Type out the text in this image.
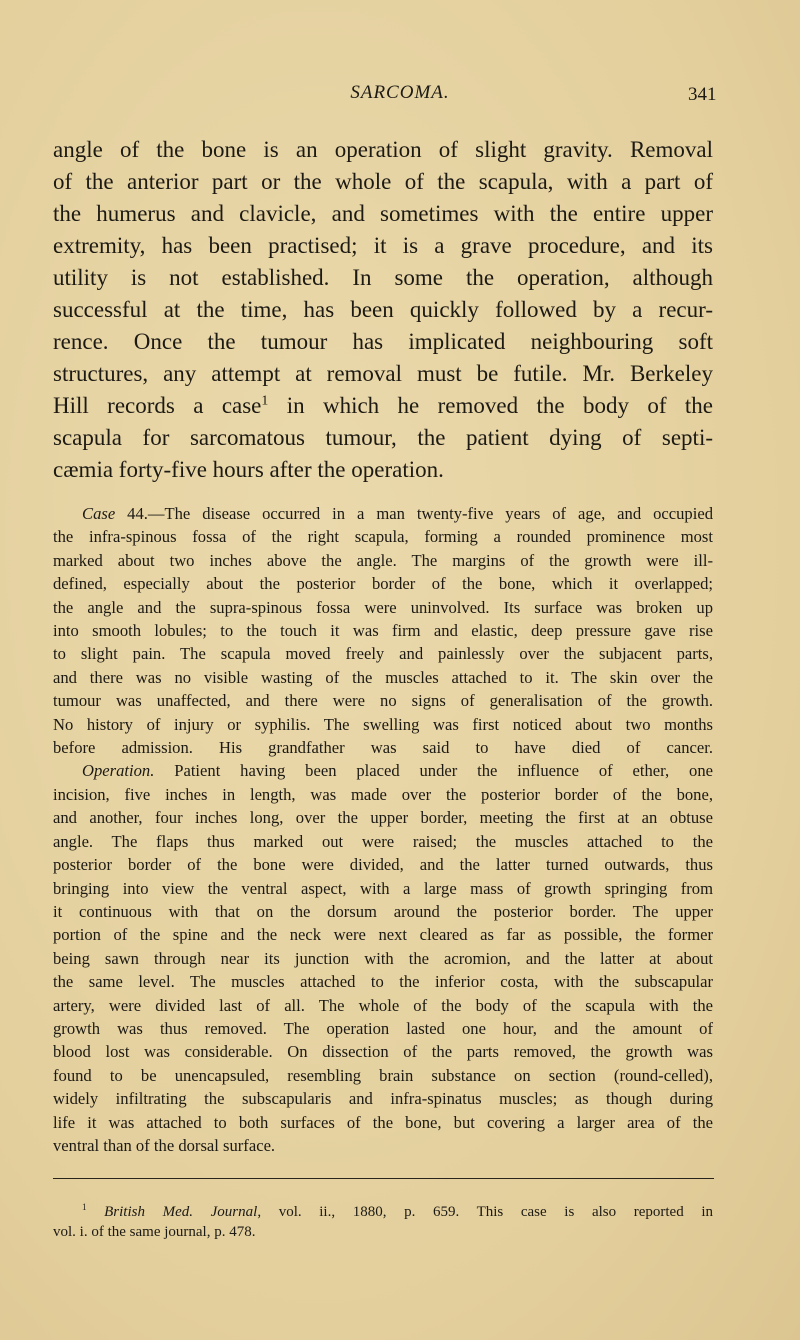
SARCOMA.	341
angle of the bone is an operation of slight gravity. Removal
of the anterior part or the whole of the scapula, with a part of
the humerus and clavicle, and sometimes with the entire upper
extremity, has been practised; it is a grave procedure, and its
utility is not established. In some the operation, although
successful at the time, has been quickly followed by a recur-
rence. Once the tumour has implicated neighbouring soft
structures, any attempt at removal must be futile. Mr. Berkeley
Hill records a case$^1$ in which he removed the body of the
scapula for sarcomatous tumour, the patient dying of septi-
cæmia forty-five hours after the operation.
Case 44.—The disease occurred in a man twenty-five years of age, and occupied
the infra-spinous fossa of the right scapula, forming a rounded prominence most
marked about two inches above the angle. The margins of the growth were ill-
defined, especially about the posterior border of the bone, which it overlapped;
the angle and the supra-spinous fossa were uninvolved. Its surface was broken up
into smooth lobules; to the touch it was firm and elastic, deep pressure gave rise
to slight pain. The scapula moved freely and painlessly over the subjacent parts,
and there was no visible wasting of the muscles attached to it. The skin over the
tumour was unaffected, and there were no signs of generalisation of the growth.
No history of injury or syphilis. The swelling was first noticed about two months
before admission. His grandfather was said to have died of cancer.
Operation. Patient having been placed under the influence of ether, one
incision, five inches in length, was made over the posterior border of the bone,
and another, four inches long, over the upper border, meeting the first at an obtuse
angle. The flaps thus marked out were raised; the muscles attached to the
posterior border of the bone were divided, and the latter turned outwards, thus
bringing into view the ventral aspect, with a large mass of growth springing from
it continuous with that on the dorsum around the posterior border. The upper
portion of the spine and the neck were next cleared as far as possible, the former
being sawn through near its junction with the acromion, and the latter at about
the same level. The muscles attached to the inferior costa, with the subscapular
artery, were divided last of all. The whole of the body of the scapula with the
growth was thus removed. The operation lasted one hour, and the amount of
blood lost was considerable. On dissection of the parts removed, the growth was
found to be unencapsuled, resembling brain substance on section (round-celled),
widely infiltrating the subscapularis and infra-spinatus muscles; as though during
life it was attached to both surfaces of the bone, but covering a larger area of the
ventral than of the dorsal surface.
$^1$ British Med. Journal, vol. ii., 1880, p. 659. This case is also reported in
vol. i. of the same journal, p. 478.
